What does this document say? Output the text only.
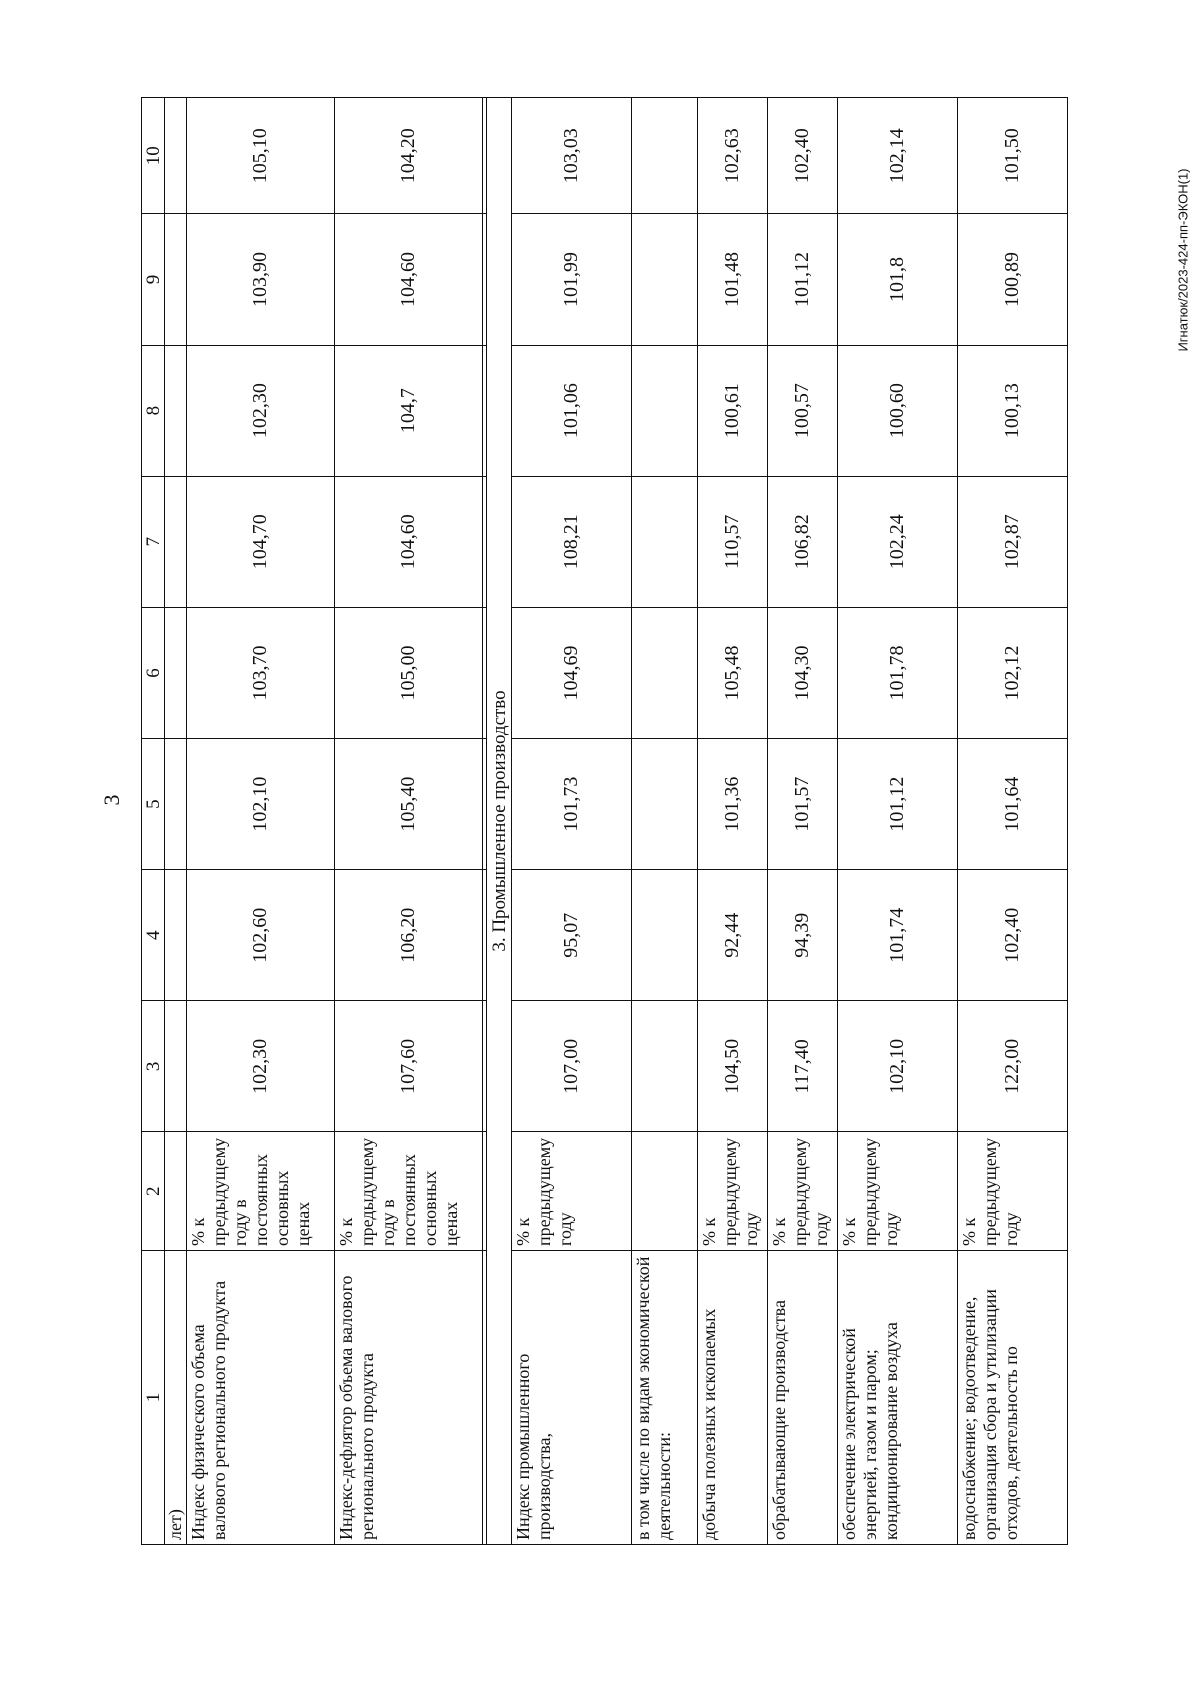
3
Игнатюк/2023-424-пп-ЭКОН(1)
1	2	3	4	5	6	7	8	9	10
лет)									
Индекс физического объема валового регионального продукта	% к предыдущему году в постоянных основных ценах	102,30	102,60	102,10	103,70	104,70	102,30	103,90	105,10
Индекс-дефлятор объема валового регионального продукта	% к предыдущему году в постоянных основных ценах	107,60	106,20	105,40	105,00	104,60	104,7	104,60	104,20

3. Промышленное производство									
Индекс промышленного производства,	% к предыдущему году	107,00	95,07	101,73	104,69	108,21	101,06	101,99	103,03
в том числе по видам экономической деятельности:									
добыча полезных ископаемых	% к предыдущему году	104,50	92,44	101,36	105,48	110,57	100,61	101,48	102,63
обрабатывающие производства	% к предыдущему году	117,40	94,39	101,57	104,30	106,82	100,57	101,12	102,40
обеспечение электрической энергией, газом и паром; кондиционирование воздуха	% к предыдущему году	102,10	101,74	101,12	101,78	102,24	100,60	101,8	102,14
водоснабжение; водоотведение, организация сбора и утилизации отходов, деятельность по	% к предыдущему году	122,00	102,40	101,64	102,12	102,87	100,13	100,89	101,50
